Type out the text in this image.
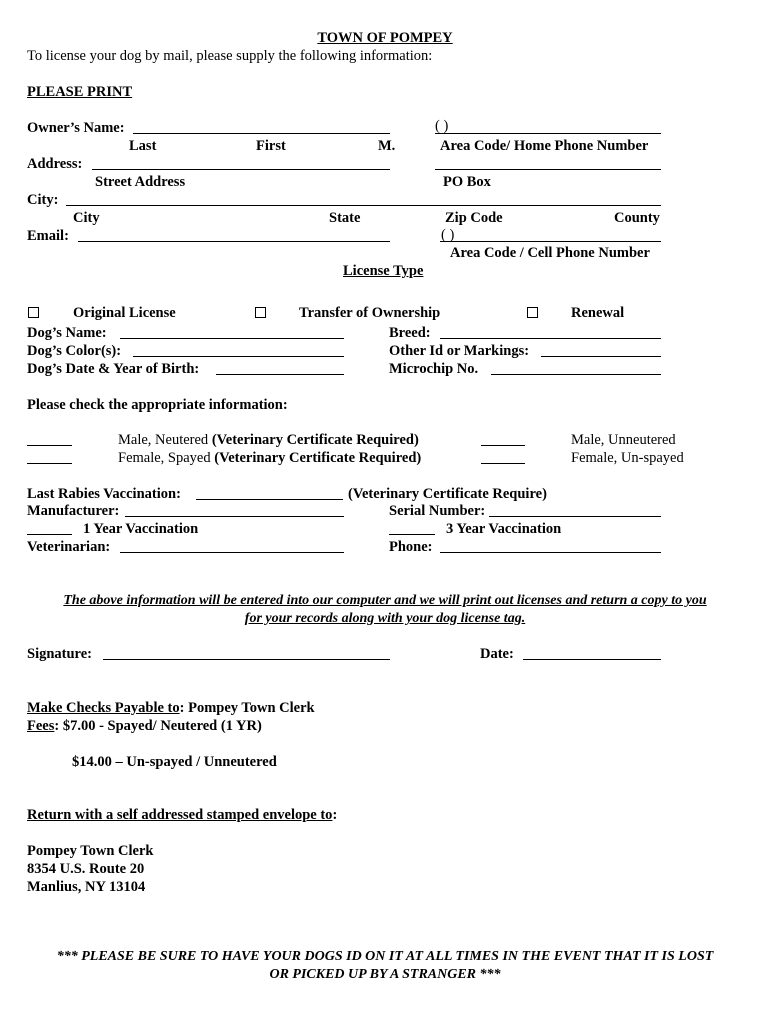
TOWN OF POMPEY
To license your dog by mail, please supply the following information:
PLEASE PRINT
Owner’s Name:	( )
Last	First	M.	Area Code/ Home Phone Number
Address:
Street Address	PO Box
City:
City	State	Zip Code	County
Email:	( )
Area Code / Cell Phone Number
License Type
Original License	Transfer of Ownership	Renewal
Dog’s Name:	Breed:
Dog’s Color(s):	Other Id or Markings:
Dog’s Date & Year of Birth:	Microchip No.
Please check the appropriate information:
Male, Neutered (Veterinary Certificate Required)	Male, Unneutered
Female, Spayed (Veterinary Certificate Required)	Female, Un-spayed
Last Rabies Vaccination:	(Veterinary Certificate Require)
Manufacturer:	Serial Number:
1 Year Vaccination	3 Year Vaccination
Veterinarian:	Phone:
The above information will be entered into our computer and we will print out licenses and return a copy to you
for your records along with your dog license tag.
Signature:	Date:
Make Checks Payable to: Pompey Town Clerk
Fees: $7.00 - Spayed/ Neutered (1 YR)
$14.00 – Un-spayed / Unneutered
Return with a self addressed stamped envelope to:
Pompey Town Clerk
8354 U.S. Route 20
Manlius, NY 13104
*** PLEASE BE SURE TO HAVE YOUR DOGS ID ON IT AT ALL TIMES IN THE EVENT THAT IT IS LOST
OR PICKED UP BY A STRANGER ***
